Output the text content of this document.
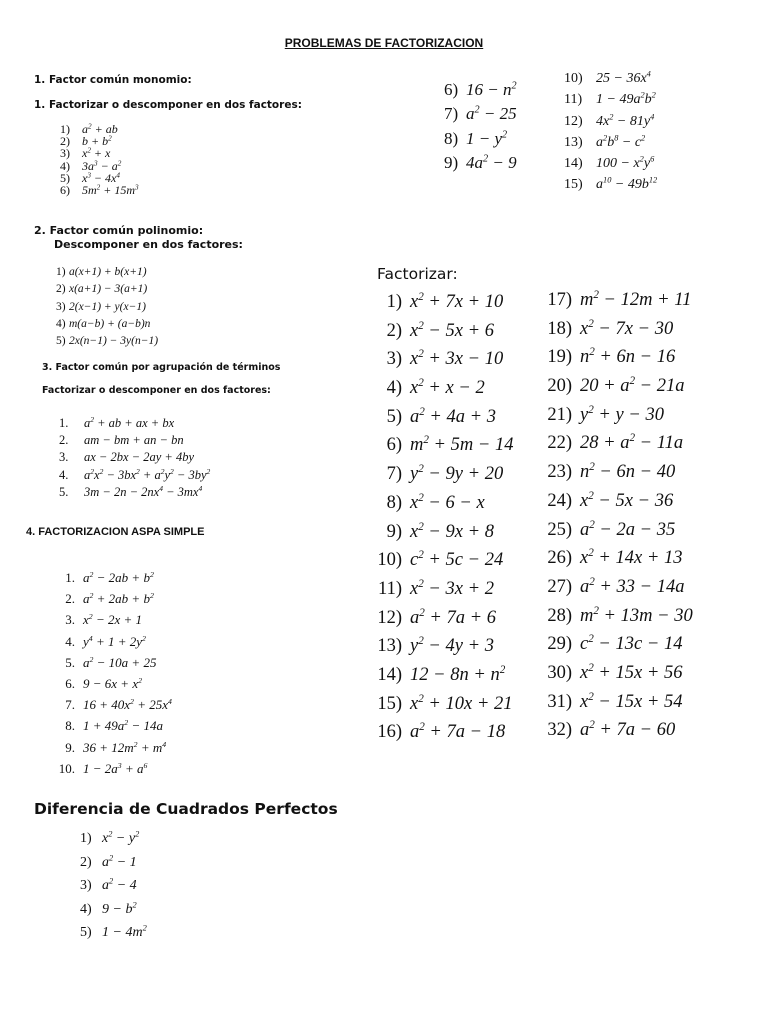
PROBLEMAS DE FACTORIZACION
1. Factor común monomio:
1. Factorizar o descomponer en dos factores:
1) $a^2$ + ab
2) $b + b^2$
3) $x^2 + x$
4) $3a^3 - a^2$
5) $x^3 - 4x^4$
6) $5m^2 + 15m^3$
2. Factor común polinomio:
Descomponer en dos factores:
1) a(x+1) + b(x+1)
2) x(a+1) − 3(a+1)
3) 2(x−1) + y(x−1)
4) m(a−b) + (a−b)n
5) 2x(n−1) − 3y(n−1)
3. Factor común por agrupación de términos
Factorizar o descomponer en dos factores:
1. $a^2$ + ab + ax + bx
2. am − bm + an − bn
3. ax − 2bx − 2ay + 4by
4. $a^2x^2 - 3bx^2 + a^2y^2 - 3by^2$
5. $3m - 2n - 2nx^4 - 3mx^4$
4. FACTORIZACION ASPA SIMPLE
1. $a^2 - 2ab + b^2$
2. $a^2 + 2ab + b^2$
3. $x^2 - 2x + 1$
4. $y^4 + 1 + 2y^2$
5. $a^2 - 10a + 25$
6. $9 - 6x + x^2$
7. $16 + 40x^2 + 25x^4$
8. $1 + 49a^2 - 14a$
9. $36 + 12m^2 + m^4$
10. $1 - 2a^3 + a^6$
Diferencia de Cuadrados Perfectos
1) $x^2 - y^2$
2) $a^2 - 1$
3) $a^2 - 4$
4) $9 - b^2$
5) $1 - 4m^2$
6) $16 - n^2$
7) $a^2 - 25$
8) $1 - y^2$
9) $4a^2 - 9$
10) $25 - 36x^4$
11) $1 - 49a^2b^2$
12) $4x^2 - 81y^4$
13) $a^2b^8 - c^2$
14) $100 - x^2y^6$
15) $a^{10} - 49b^{12}$
Factorizar:
1) $x^2 + 7x + 10$
2) $x^2 - 5x + 6$
3) $x^2 + 3x - 10$
4) $x^2 + x - 2$
5) $a^2 + 4a + 3$
6) $m^2 + 5m - 14$
7) $y^2 - 9y + 20$
8) $x^2 - 6 - x$
9) $x^2 - 9x + 8$
10) $c^2 + 5c - 24$
11) $x^2 - 3x + 2$
12) $a^2 + 7a + 6$
13) $y^2 - 4y + 3$
14) $12 - 8n + n^2$
15) $x^2 + 10x + 21$
16) $a^2 + 7a - 18$
17) $m^2 - 12m + 11$
18) $x^2 - 7x - 30$
19) $n^2 + 6n - 16$
20) $20 + a^2 - 21a$
21) $y^2 + y - 30$
22) $28 + a^2 - 11a$
23) $n^2 - 6n - 40$
24) $x^2 - 5x - 36$
25) $a^2 - 2a - 35$
26) $x^2 + 14x + 13$
27) $a^2 + 33 - 14a$
28) $m^2 + 13m - 30$
29) $c^2 - 13c - 14$
30) $x^2 + 15x + 56$
31) $x^2 - 15x + 54$
32) $a^2 + 7a - 60$
